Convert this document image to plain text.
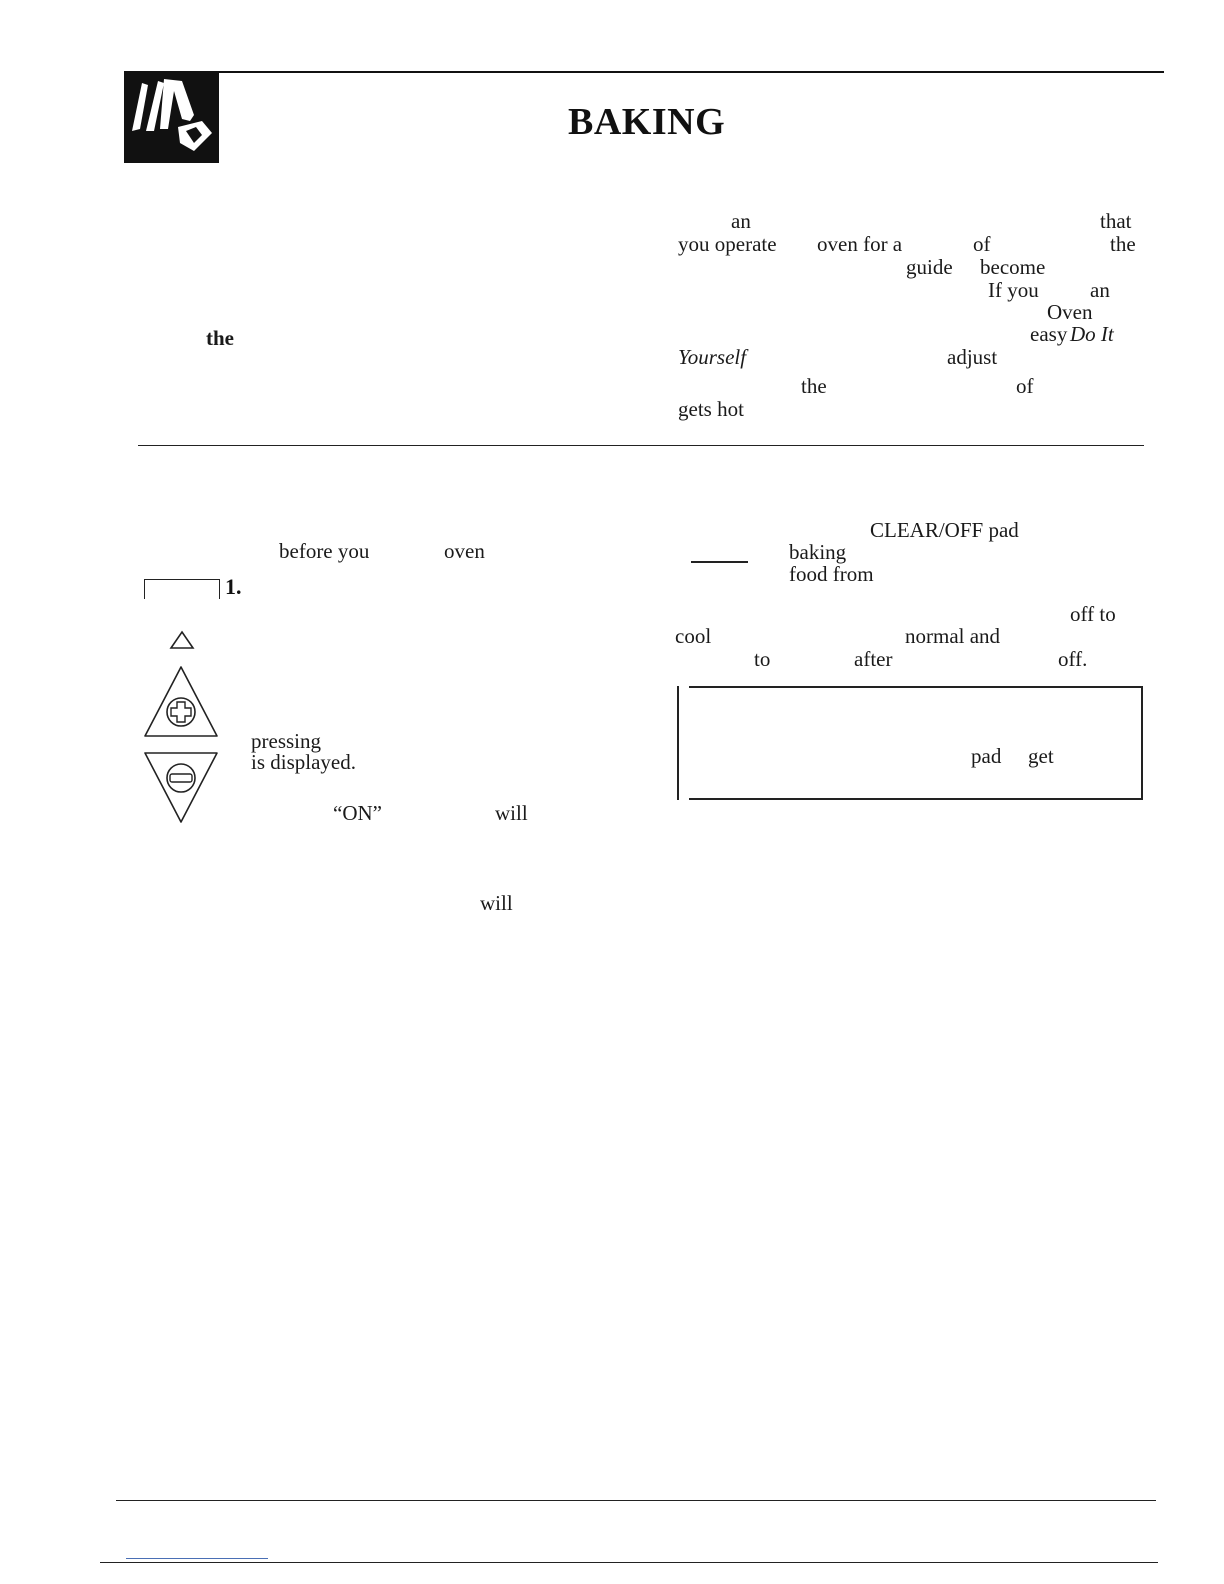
BAKING
the
an	that
you operate oven for a	of	the
guide become
If you an
Oven
easy Do It
Yourself	adjust
the	of
gets hot
before you	oven
1.
pressing
is displayed.
“ON”	will
will
CLEAR/OFF pad
baking
food from
off to
cool	normal and
to	after	off.
pad get
